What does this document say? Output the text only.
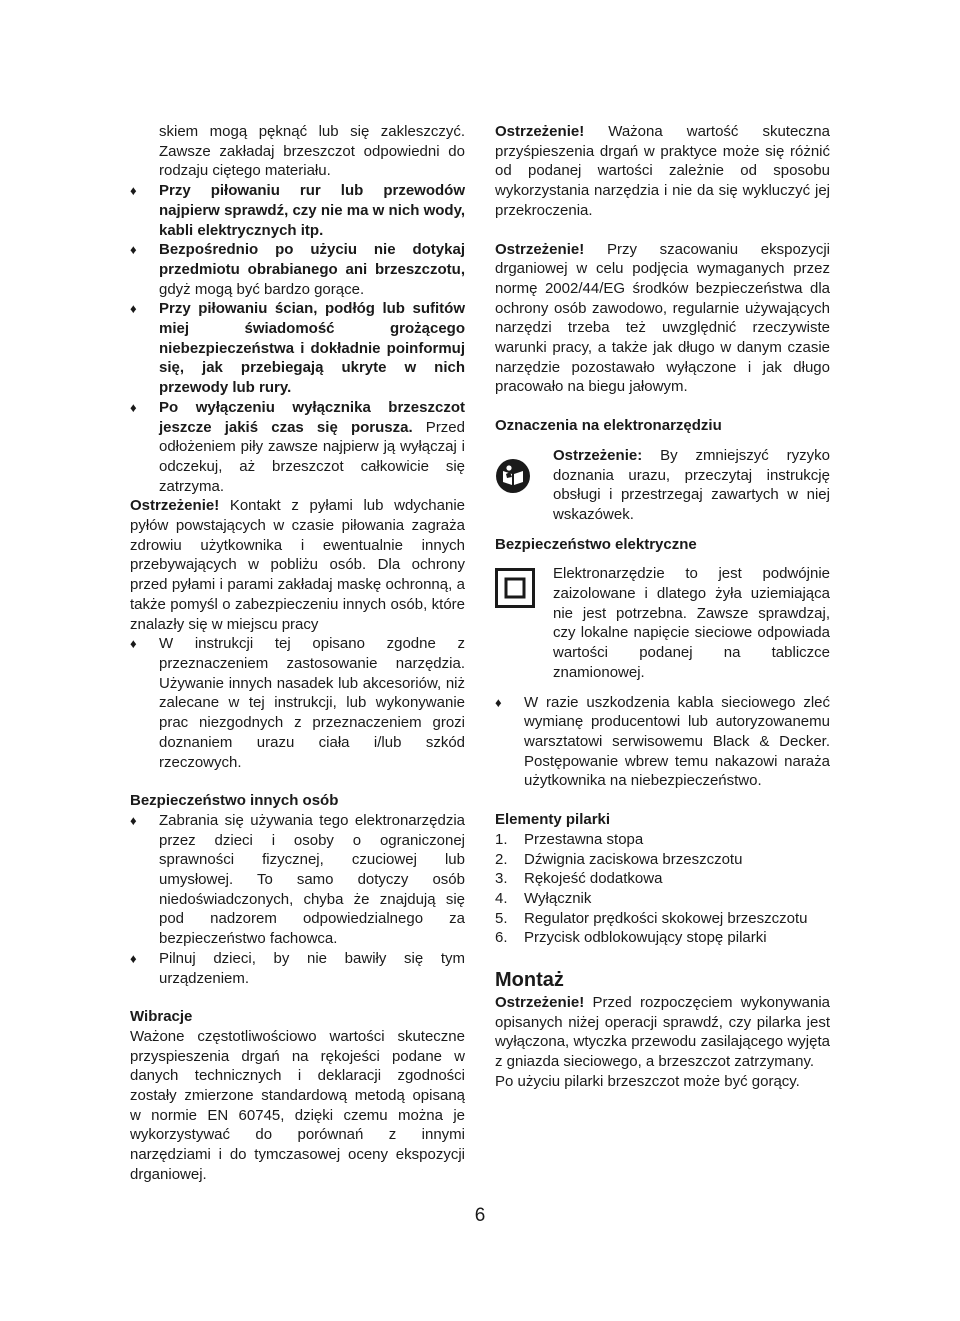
skiem mogą pęknąć lub się zakleszczyć. Zawsze zakładaj brzeszczot odpowiedni do rodzaju ciętego materiału.

♦ Przy piłowaniu rur lub przewodów najpierw sprawdź, czy nie ma w nich wody, kabli elektrycznych itp.

♦ Bezpośrednio po użyciu nie dotykaj przedmiotu obrabianego ani brzeszczotu, gdyż mogą być bardzo gorące.

♦ Przy piłowaniu ścian, podłóg lub sufitów miej świadomość grożącego niebezpieczeństwa i dokładnie poinformuj się, jak przebiegają ukryte w nich przewody lub rury.

♦ Po wyłączeniu wyłącznika brzeszczot jeszcze jakiś czas się porusza. Przed odłożeniem piły zawsze najpierw ją wyłączaj i odczekuj, aż brzeszczot całkowicie się zatrzyma.

Ostrzeżenie! Kontakt z pyłami lub wdychanie pyłów powstających w czasie piłowania zagraża zdrowiu użytkownika i ewentualnie innych przebywających w pobliżu osób. Dla ochrony przed pyłami i parami zakładaj maskę ochronną, a także pomyśl o zabezpieczeniu innych osób, które znalazły się w miejscu pracy

♦ W instrukcji tej opisano zgodne z przeznaczeniem zastosowanie narzędzia. Używanie innych nasadek lub akcesoriów, niż zalecane w tej instrukcji, lub wykonywanie prac niezgodnych z przeznaczeniem grozi doznaniem urazu ciała i/lub szkód rzeczowych.

Bezpieczeństwo innych osób

♦ Zabrania się używania tego elektronarzędzia przez dzieci i osoby o ograniczonej sprawności fizycznej, czuciowej lub umysłowej. To samo dotyczy osób niedoświadczonych, chyba że znajdują się pod nadzorem odpowiedzialnego za bezpieczeństwo fachowca.

♦ Pilnuj dzieci, by nie bawiły się tym urządzeniem.

Wibracje

Ważone częstotliwościowo wartości skuteczne przyspieszenia drgań na rękojeści podane w danych technicznych i deklaracji zgodności zostały zmierzone standardową metodą opisaną w normie EN 60745, dzięki czemu można je wykorzystywać do porównań z innymi narzędziami i do tymczasowej oceny ekspozycji drganiowej.

Ostrzeżenie! Ważona wartość skuteczna przyśpieszenia drgań w praktyce może się różnić od podanej wartości zależnie od sposobu wykorzystania narzędzia i nie da się wykluczyć jej przekroczenia.

Ostrzeżenie! Przy szacowaniu ekspozycji drganiowej w celu podjęcia wymaganych przez normę 2002/44/EG środków bezpieczeństwa dla ochrony osób zawodowo, regularnie używających narzędzi trzeba też uwzględnić rzeczywiste warunki pracy, a także jak długo w danym czasie narzędzie pozostawało wyłączone i jak długo pracowało na biegu jałowym.

Oznaczenia na elektronarzędziu

Ostrzeżenie: By zmniejszyć ryzyko doznania urazu, przeczytaj instrukcję obsługi i przestrzegaj zawartych w niej wskazówek.

Bezpieczeństwo elektryczne

Elektronarzędzie to jest podwójnie zaizolowane i dlatego żyła uziemiająca nie jest potrzebna. Zawsze sprawdzaj, czy lokalne napięcie sieciowe odpowiada wartości podanej na tabliczce znamionowej.

♦ W razie uszkodzenia kabla sieciowego zleć wymianę producentowi lub autoryzowanemu warsztatowi serwisowemu Black & Decker. Postępowanie wbrew temu nakazowi naraża użytkownika na niebezpieczeństwo.

Elementy pilarki

1. Przestawna stopa
2. Dźwignia zaciskowa brzeszczotu
3. Rękojeść dodatkowa
4. Wyłącznik
5. Regulator prędkości skokowej brzeszczotu
6. Przycisk odblokowujący stopę pilarki

Montaż

Ostrzeżenie! Przed rozpoczęciem wykonywania opisanych niżej operacji sprawdź, czy pilarka jest wyłączona, wtyczka przewodu zasilającego wyjęta z gniazda sieciowego, a brzeszczot zatrzymany.

Po użyciu pilarki brzeszczot może być gorący.

6
